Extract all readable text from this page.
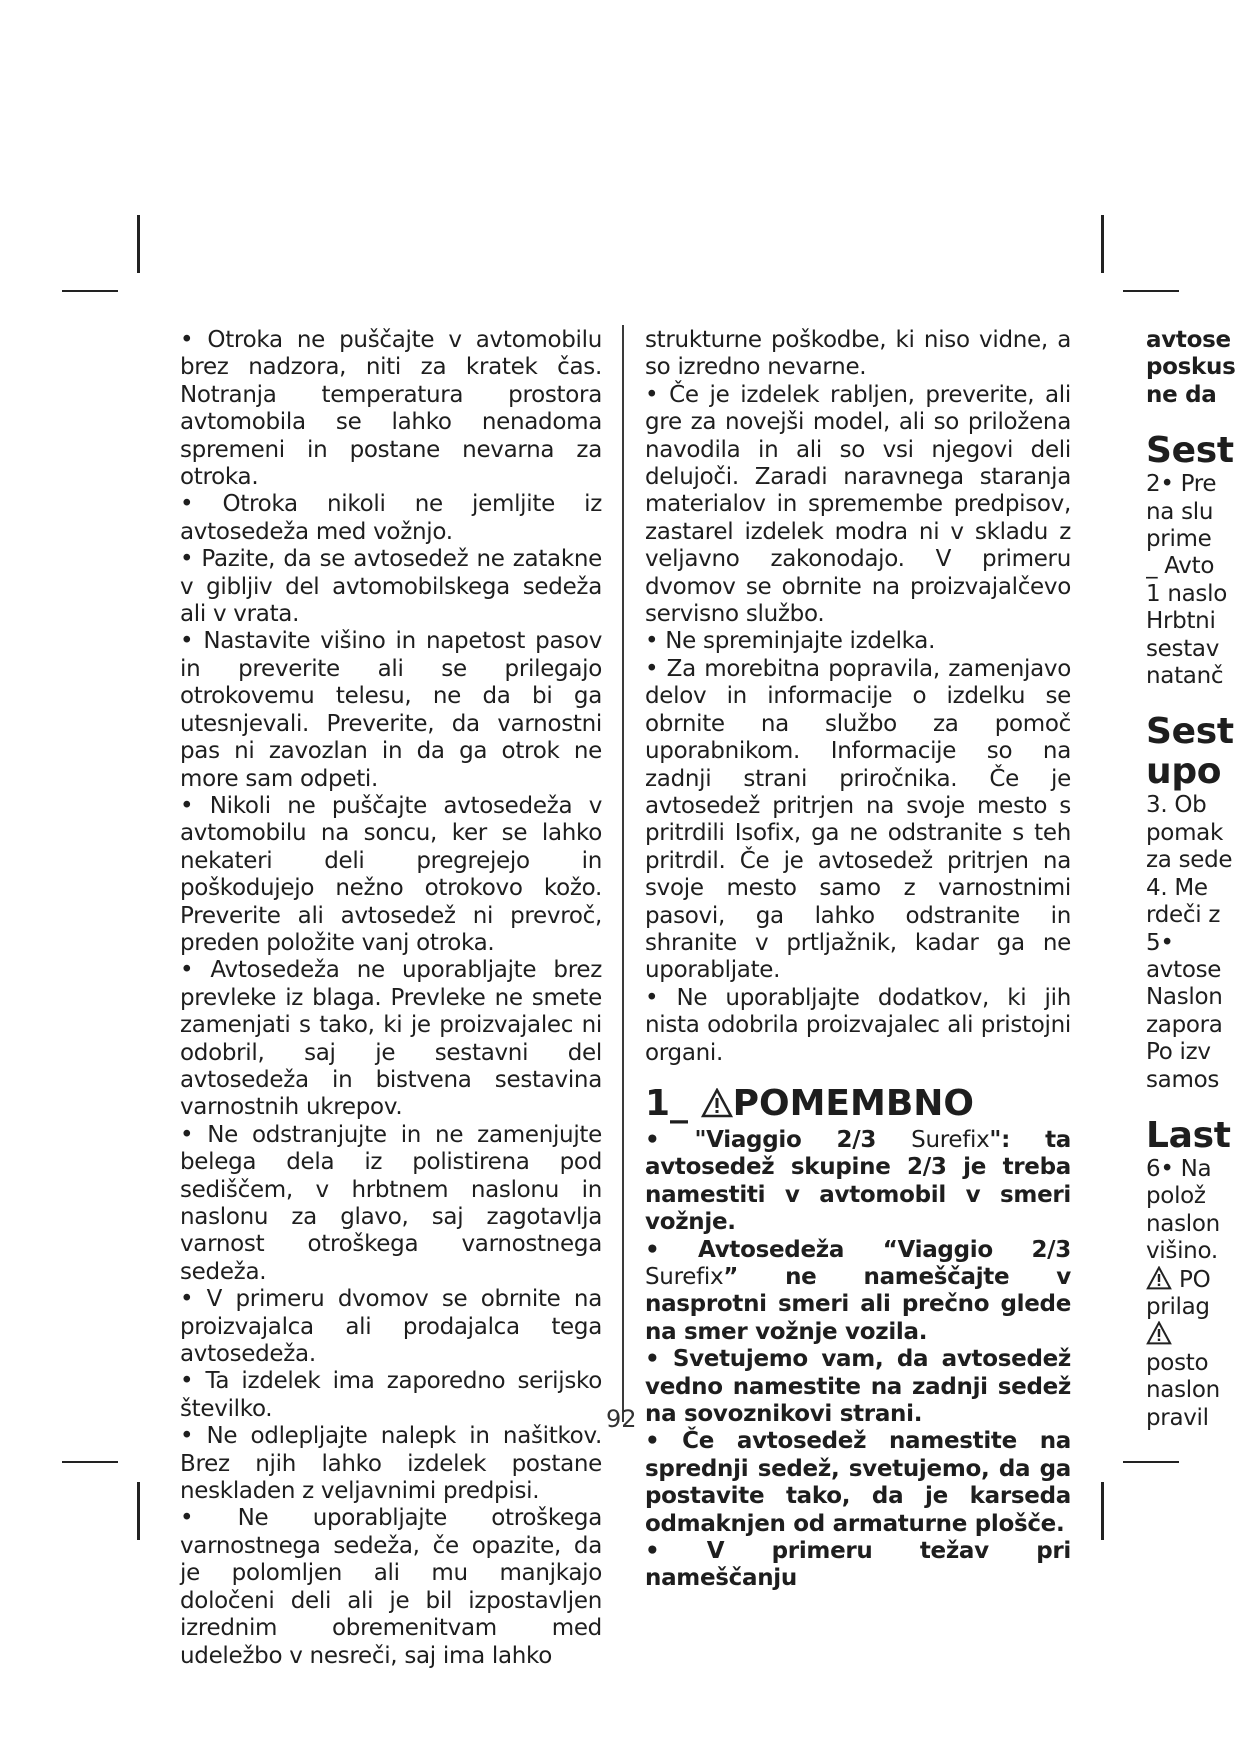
• Otroka ne puščajte v avtomobilu brez nadzora, niti za kratek čas. Notranja temperatura prostora avtomobila se lahko nenadoma spremeni in postane nevarna za otroka.

• Otroka nikoli ne jemljite iz avtosedeža med vožnjo.

• Pazite, da se avtosedež ne zatakne v gibljiv del avtomobilskega sedeža ali v vrata.

• Nastavite višino in napetost pasov in preverite ali se prilegajo otrokovemu telesu, ne da bi ga utesnjevali. Preverite, da varnostni pas ni zavozlan in da ga otrok ne more sam odpeti.

• Nikoli ne puščajte avtosedeža v avtomobilu na soncu, ker se lahko nekateri deli pregrejejo in poškodujejo nežno otrokovo kožo. Preverite ali avtosedež ni prevroč, preden položite vanj otroka.

• Avtosedeža ne uporabljajte brez prevleke iz blaga. Prevleke ne smete zamenjati s tako, ki je proizvajalec ni odobril, saj je sestavni del avtosedeža in bistvena sestavina varnostnih ukrepov.

• Ne odstranjujte in ne zamenjujte belega dela iz polistirena pod sediščem, v hrbtnem naslonu in naslonu za glavo, saj zagotavlja varnost otroškega varnostnega sedeža.

• V primeru dvomov se obrnite na proizvajalca ali prodajalca tega avtosedeža.

• Ta izdelek ima zaporedno serijsko številko.

• Ne odlepljajte nalepk in našitkov. Brez njih lahko izdelek postane neskladen z veljavnimi predpisi.

• Ne uporabljajte otroškega varnostnega sedeža, če opazite, da je polomljen ali mu manjkajo določeni deli ali je bil izpostavljen izrednim obremenitvam med udeležbo v nesreči, saj ima lahko

92

strukturne poškodbe, ki niso vidne, a so izredno nevarne.

• Če je izdelek rabljen, preverite, ali gre za novejši model, ali so priložena navodila in ali so vsi njegovi deli delujoči. Zaradi naravnega staranja materialov in spremembe predpisov, zastarel izdelek modra ni v skladu z veljavno zakonodajo. V primeru dvomov se obrnite na proizvajalčevo servisno službo.

• Ne spreminjajte izdelka.

• Za morebitna popravila, zamenjavo delov in informacije o izdelku se obrnite na službo za pomoč uporabnikom. Informacije so na zadnji strani priročnika. Če je avtosedež pritrjen na svoje mesto s pritrdili Isofix, ga ne odstranite s teh pritrdil. Če je avtosedež pritrjen na svoje mesto samo z varnostnimi pasovi, ga lahko odstranite in shranite v prtljažnik, kadar ga ne uporabljate.

• Ne uporabljajte dodatkov, ki jih nista odobrila proizvajalec ali pristojni organi.

1_ POMEMBNO

• "Viaggio 2/3 Surefix": ta avtosedež skupine 2/3 je treba namestiti v avtomobil v smeri vožnje.

• Avtosedeža “Viaggio 2/3 Surefix” ne nameščajte v nasprotni smeri ali prečno glede na smer vožnje vozila.

• Svetujemo vam, da avtosedež vedno namestite na zadnji sedež na sovoznikovi strani.

• Če avtosedež namestite na sprednji sedež, svetujemo, da ga postavite tako, da je karseda odmaknjen od armaturne plošče.

• V primeru težav pri nameščanju

avtose
poskus
ne da
Sest
2• Pre
na slu
prime
_ Avto
1 naslo
Hrbtni
sestav
natanč
Sest
upo
3. Ob
pomak
za sede
4. Me
rdeči z
5•
avtose
Naslon
zapora
Po izv
samos
Last
6• Na
polož
naslon
višino.
PO
prilag
posto
naslon
pravil
